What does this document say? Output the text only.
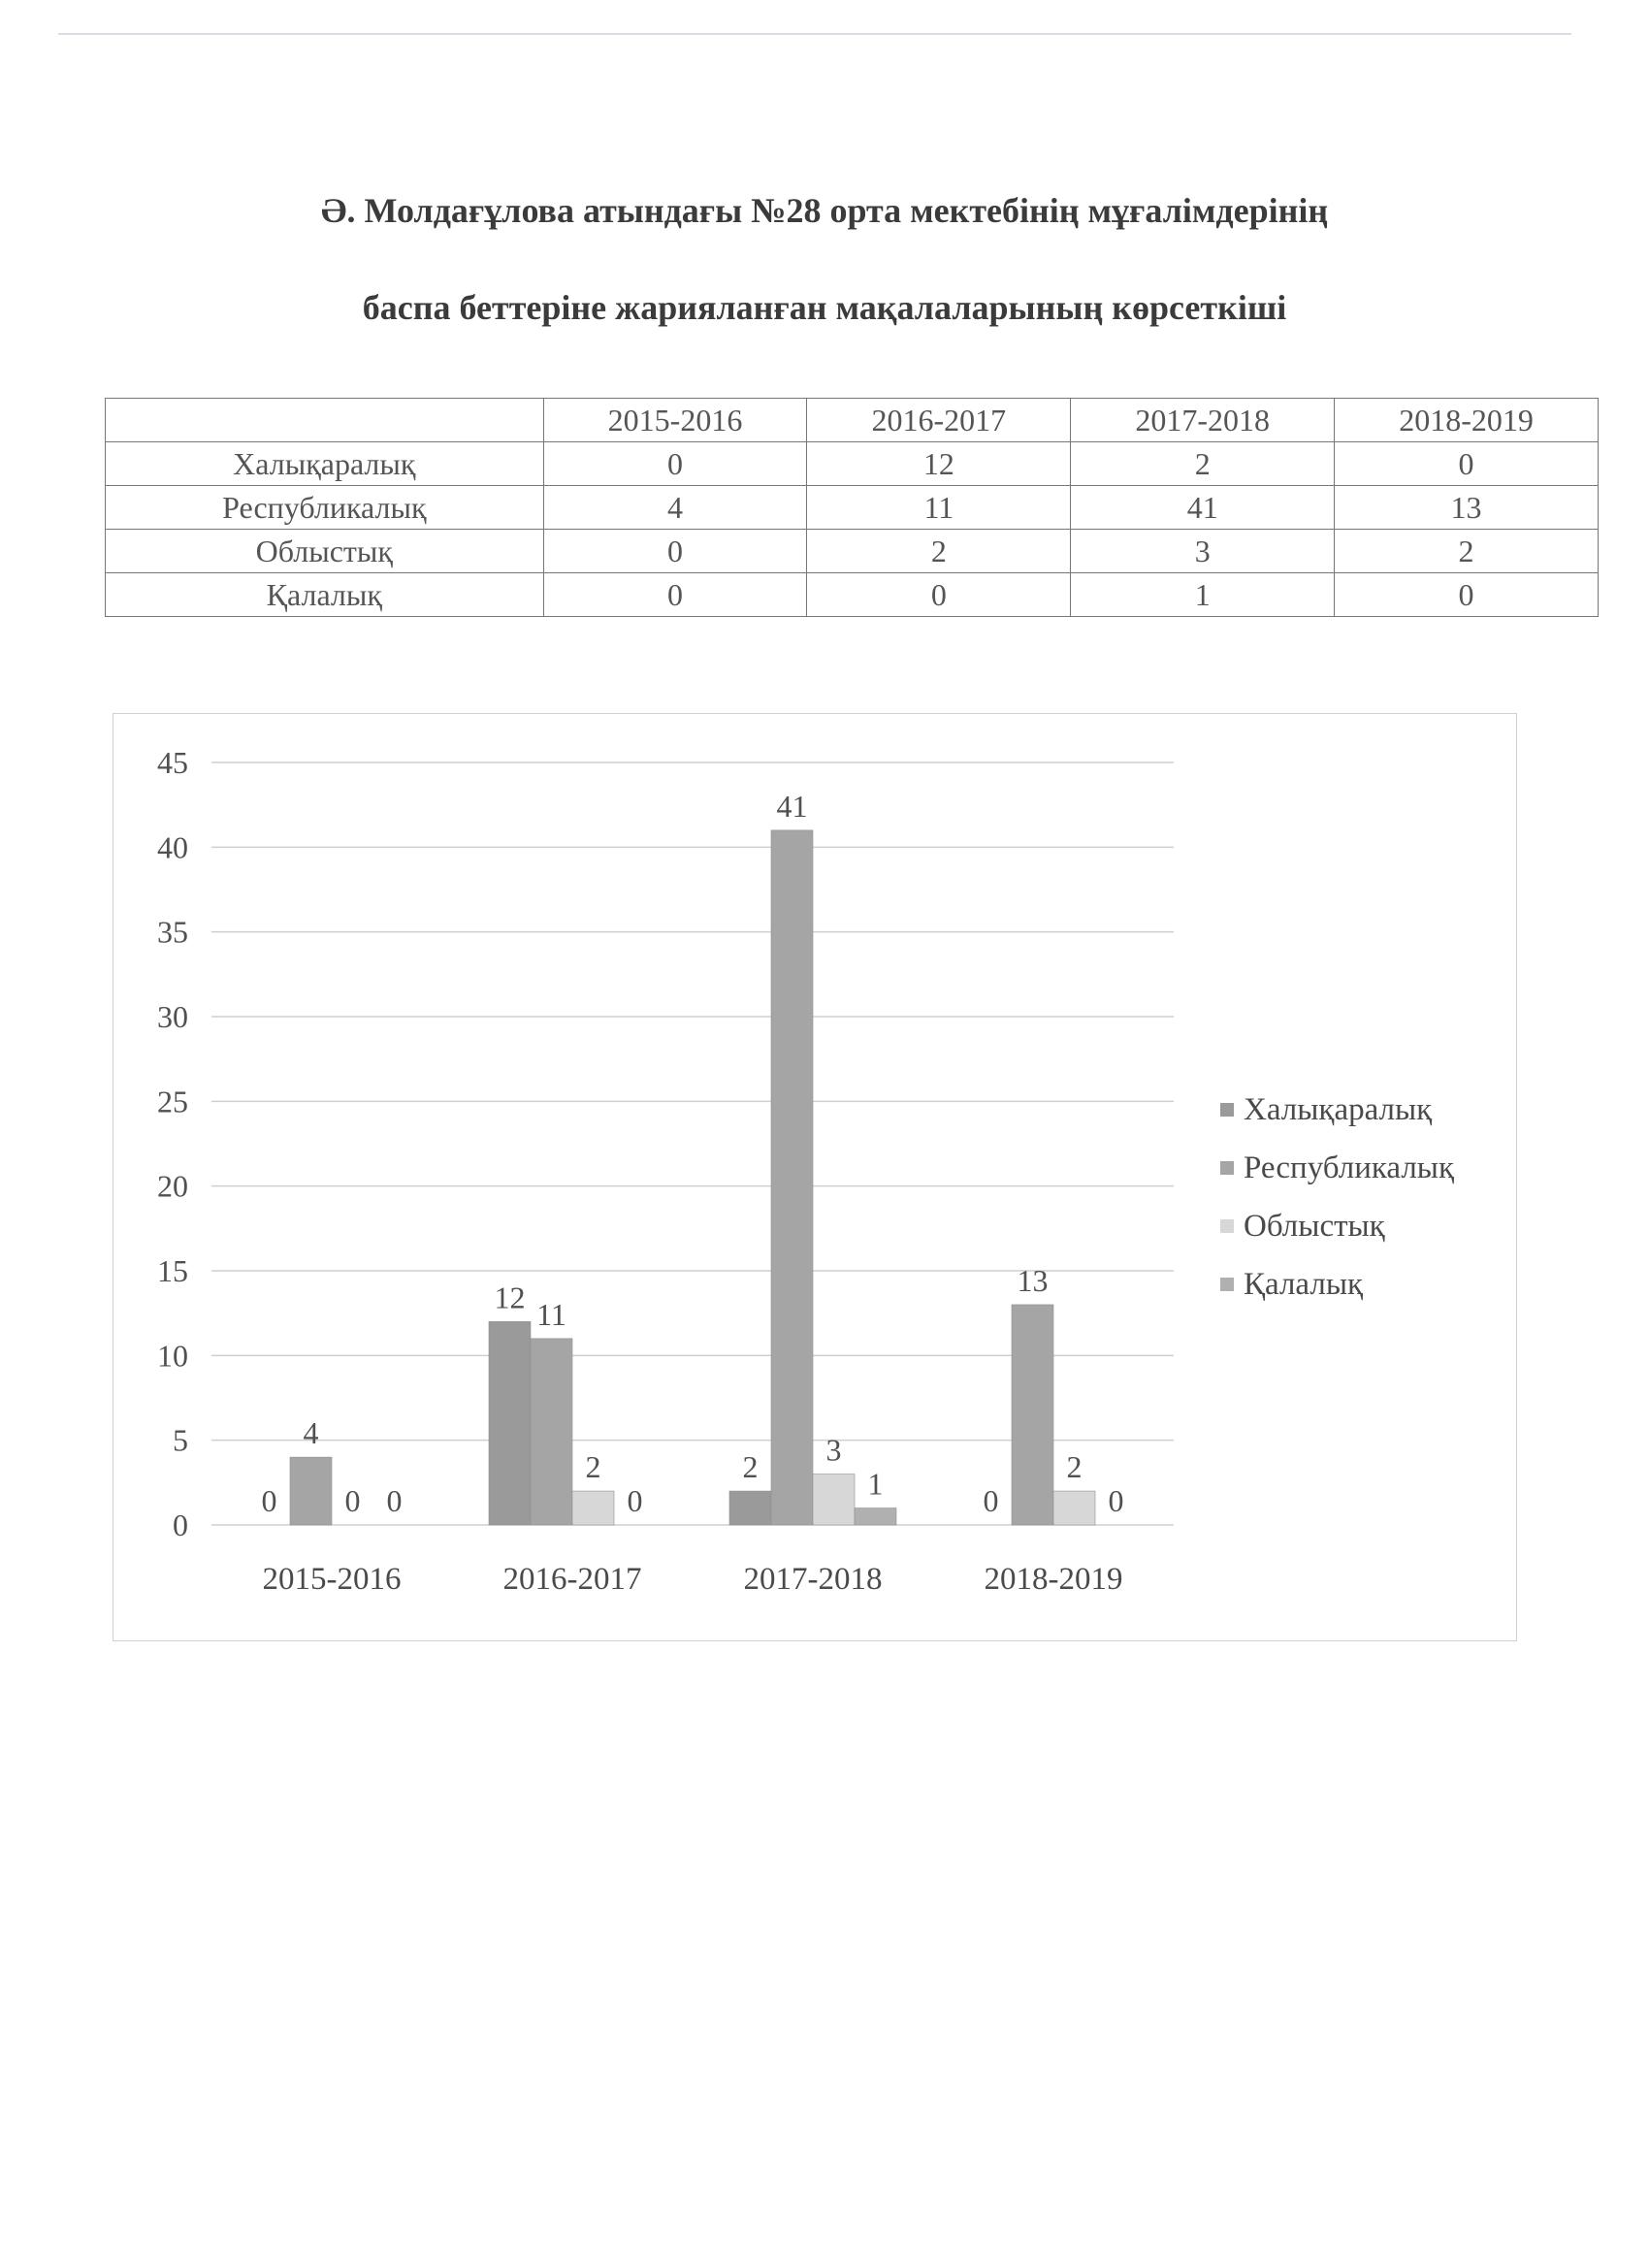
Ә. Молдағұлова атындағы №28 орта мектебінің мұғалімдерінің
баспа беттеріне жарияланған мақалаларының көрсеткіші
	2015-2016	2016-2017	2017-2018	2018-2019
Халықаралық	0	12	2	0
Республикалық	4	11	41	13
Облыстық	0	2	3	2
Қалалық	0	0	1	0
0
5
10
15
20
25
30
35
40
45
0
4
0 0
2015-2016
12 11
2
0
2016-2017
2
41
3
1
2017-2018
0
13
2
0
2018-2019
Халықаралық
Республикалық
Облыстық
Қалалық
